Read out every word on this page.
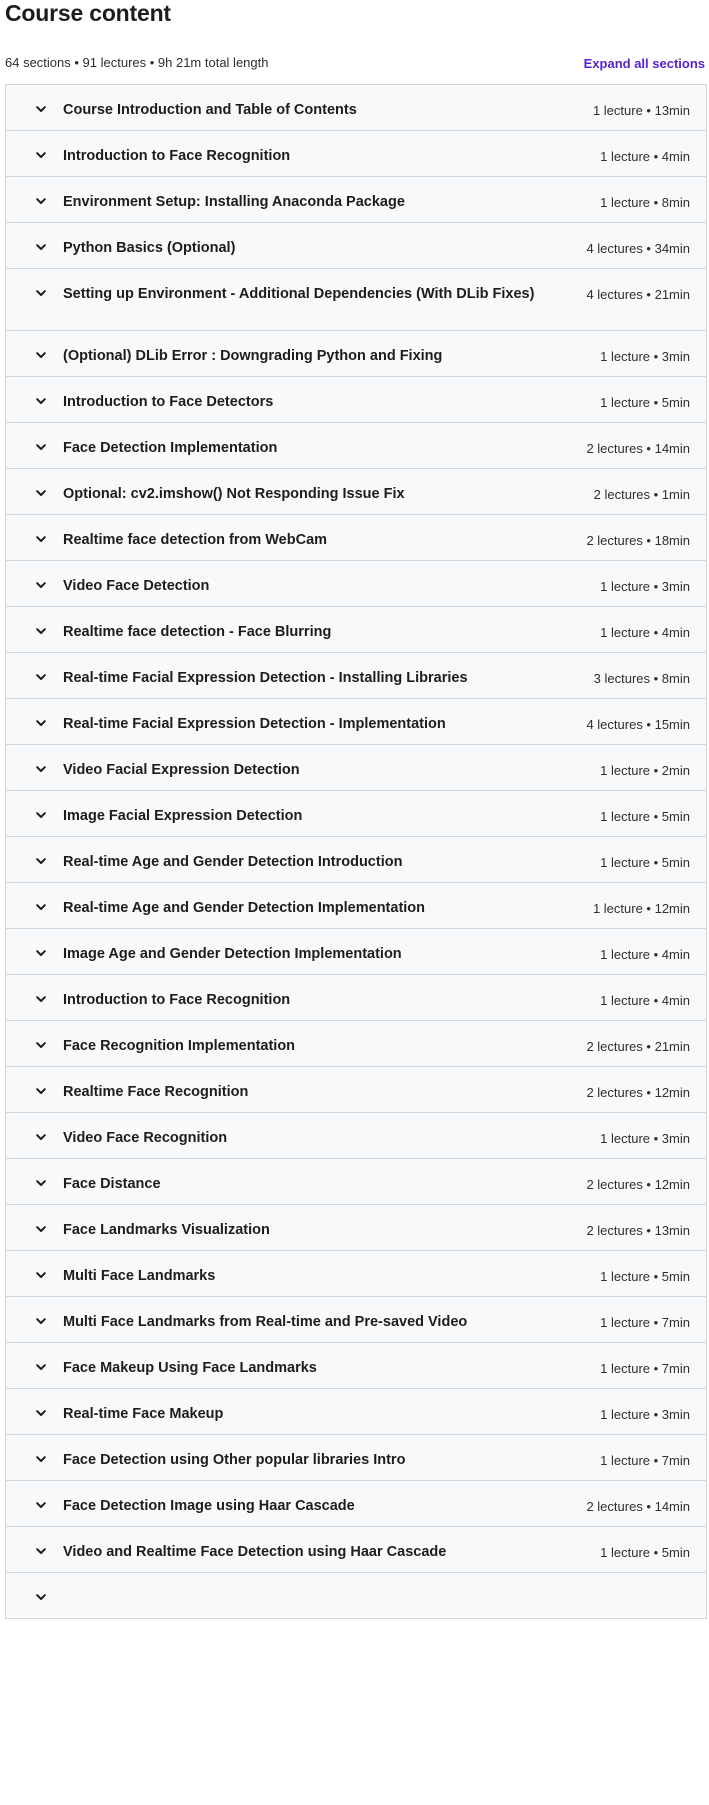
Course content
64 sections • 91 lectures • 9h 21m total length	Expand all sections
Course Introduction and Table of Contents	1 lecture • 13min
Introduction to Face Recognition	1 lecture • 4min
Environment Setup: Installing Anaconda Package	1 lecture • 8min
Python Basics (Optional)	4 lectures • 34min
Setting up Environment - Additional Dependencies (With DLib Fixes)	4 lectures • 21min
(Optional) DLib Error : Downgrading Python and Fixing	1 lecture • 3min
Introduction to Face Detectors	1 lecture • 5min
Face Detection Implementation	2 lectures • 14min
Optional: cv2.imshow() Not Responding Issue Fix	2 lectures • 1min
Realtime face detection from WebCam	2 lectures • 18min
Video Face Detection	1 lecture • 3min
Realtime face detection - Face Blurring	1 lecture • 4min
Real-time Facial Expression Detection - Installing Libraries	3 lectures • 8min
Real-time Facial Expression Detection - Implementation	4 lectures • 15min
Video Facial Expression Detection	1 lecture • 2min
Image Facial Expression Detection	1 lecture • 5min
Real-time Age and Gender Detection Introduction	1 lecture • 5min
Real-time Age and Gender Detection Implementation	1 lecture • 12min
Image Age and Gender Detection Implementation	1 lecture • 4min
Introduction to Face Recognition	1 lecture • 4min
Face Recognition Implementation	2 lectures • 21min
Realtime Face Recognition	2 lectures • 12min
Video Face Recognition	1 lecture • 3min
Face Distance	2 lectures • 12min
Face Landmarks Visualization	2 lectures • 13min
Multi Face Landmarks	1 lecture • 5min
Multi Face Landmarks from Real-time and Pre-saved Video	1 lecture • 7min
Face Makeup Using Face Landmarks	1 lecture • 7min
Real-time Face Makeup	1 lecture • 3min
Face Detection using Other popular libraries Intro	1 lecture • 7min
Face Detection Image using Haar Cascade	2 lectures • 14min
Video and Realtime Face Detection using Haar Cascade	1 lecture • 5min
